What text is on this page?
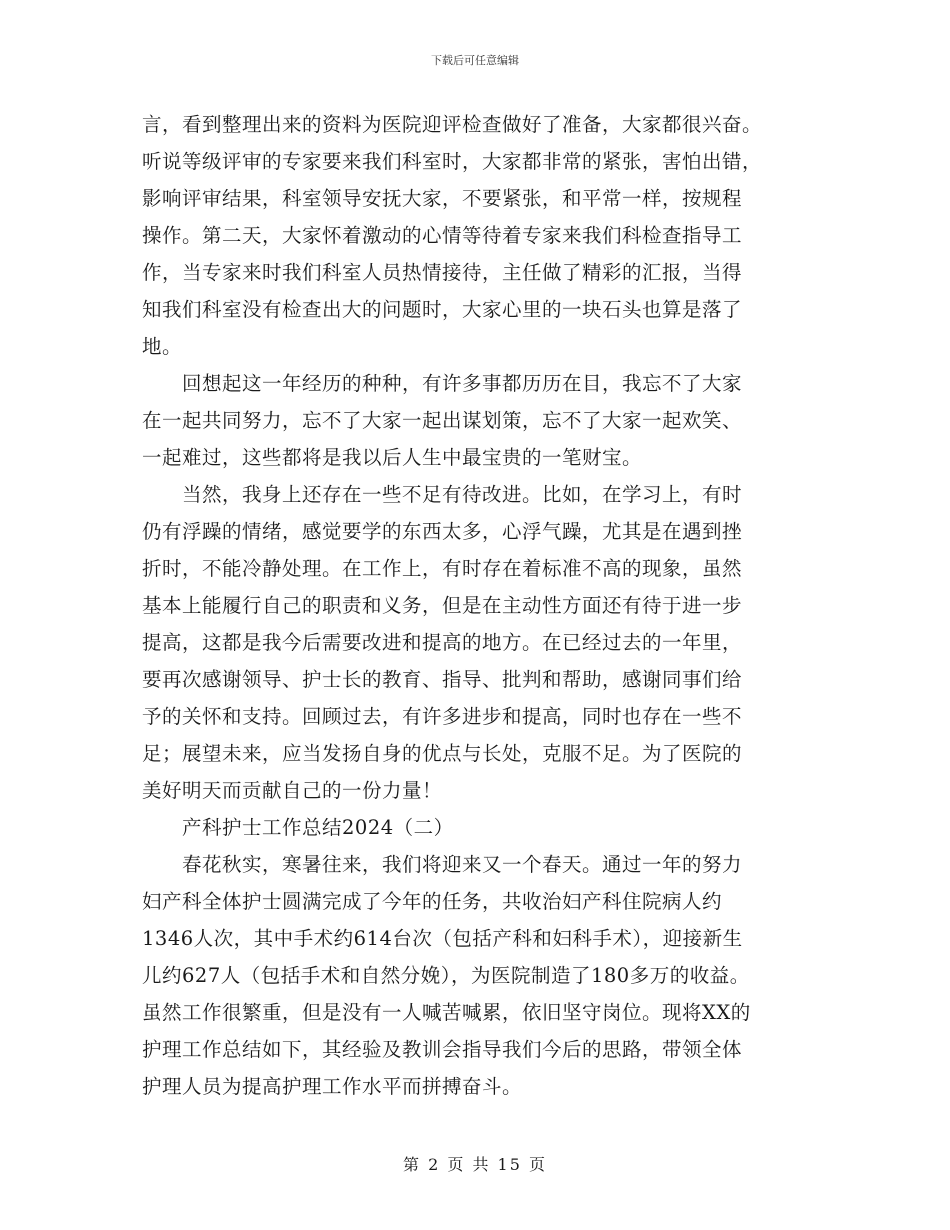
下载后可任意编辑
言，看到整理出来的资料为医院迎评检查做好了准备，大家都很兴奋。
听说等级评审的专家要来我们科室时，大家都非常的紧张，害怕出错，
影响评审结果，科室领导安抚大家，不要紧张，和平常一样，按规程
操作。第二天，大家怀着激动的心情等待着专家来我们科检查指导工
作，当专家来时我们科室人员热情接待，主任做了精彩的汇报，当得
知我们科室没有检查出大的问题时，大家心里的一块石头也算是落了
地。
　　回想起这一年经历的种种，有许多事都历历在目，我忘不了大家
在一起共同努力，忘不了大家一起出谋划策，忘不了大家一起欢笑、
一起难过，这些都将是我以后人生中最宝贵的一笔财宝。
　　当然，我身上还存在一些不足有待改进。比如，在学习上，有时
仍有浮躁的情绪，感觉要学的东西太多，心浮气躁，尤其是在遇到挫
折时，不能冷静处理。在工作上，有时存在着标准不高的现象，虽然
基本上能履行自己的职责和义务，但是在主动性方面还有待于进一步
提高，这都是我今后需要改进和提高的地方。在已经过去的一年里，
要再次感谢领导、护士长的教育、指导、批判和帮助，感谢同事们给
予的关怀和支持。回顾过去，有许多进步和提高，同时也存在一些不
足；展望未来，应当发扬自身的优点与长处，克服不足。为了医院的
美好明天而贡献自己的一份力量！
　　产科护士工作总结2024（二）
　　春花秋实，寒暑往来，我们将迎来又一个春天。通过一年的努力
妇产科全体护士圆满完成了今年的任务，共收治妇产科住院病人约
1346人次，其中手术约614台次（包括产科和妇科手术），迎接新生
儿约627人（包括手术和自然分娩），为医院制造了180多万的收益。
虽然工作很繁重，但是没有一人喊苦喊累，依旧坚守岗位。现将XX的
护理工作总结如下，其经验及教训会指导我们今后的思路，带领全体
护理人员为提高护理工作水平而拼搏奋斗。
第 2 页 共 15 页
